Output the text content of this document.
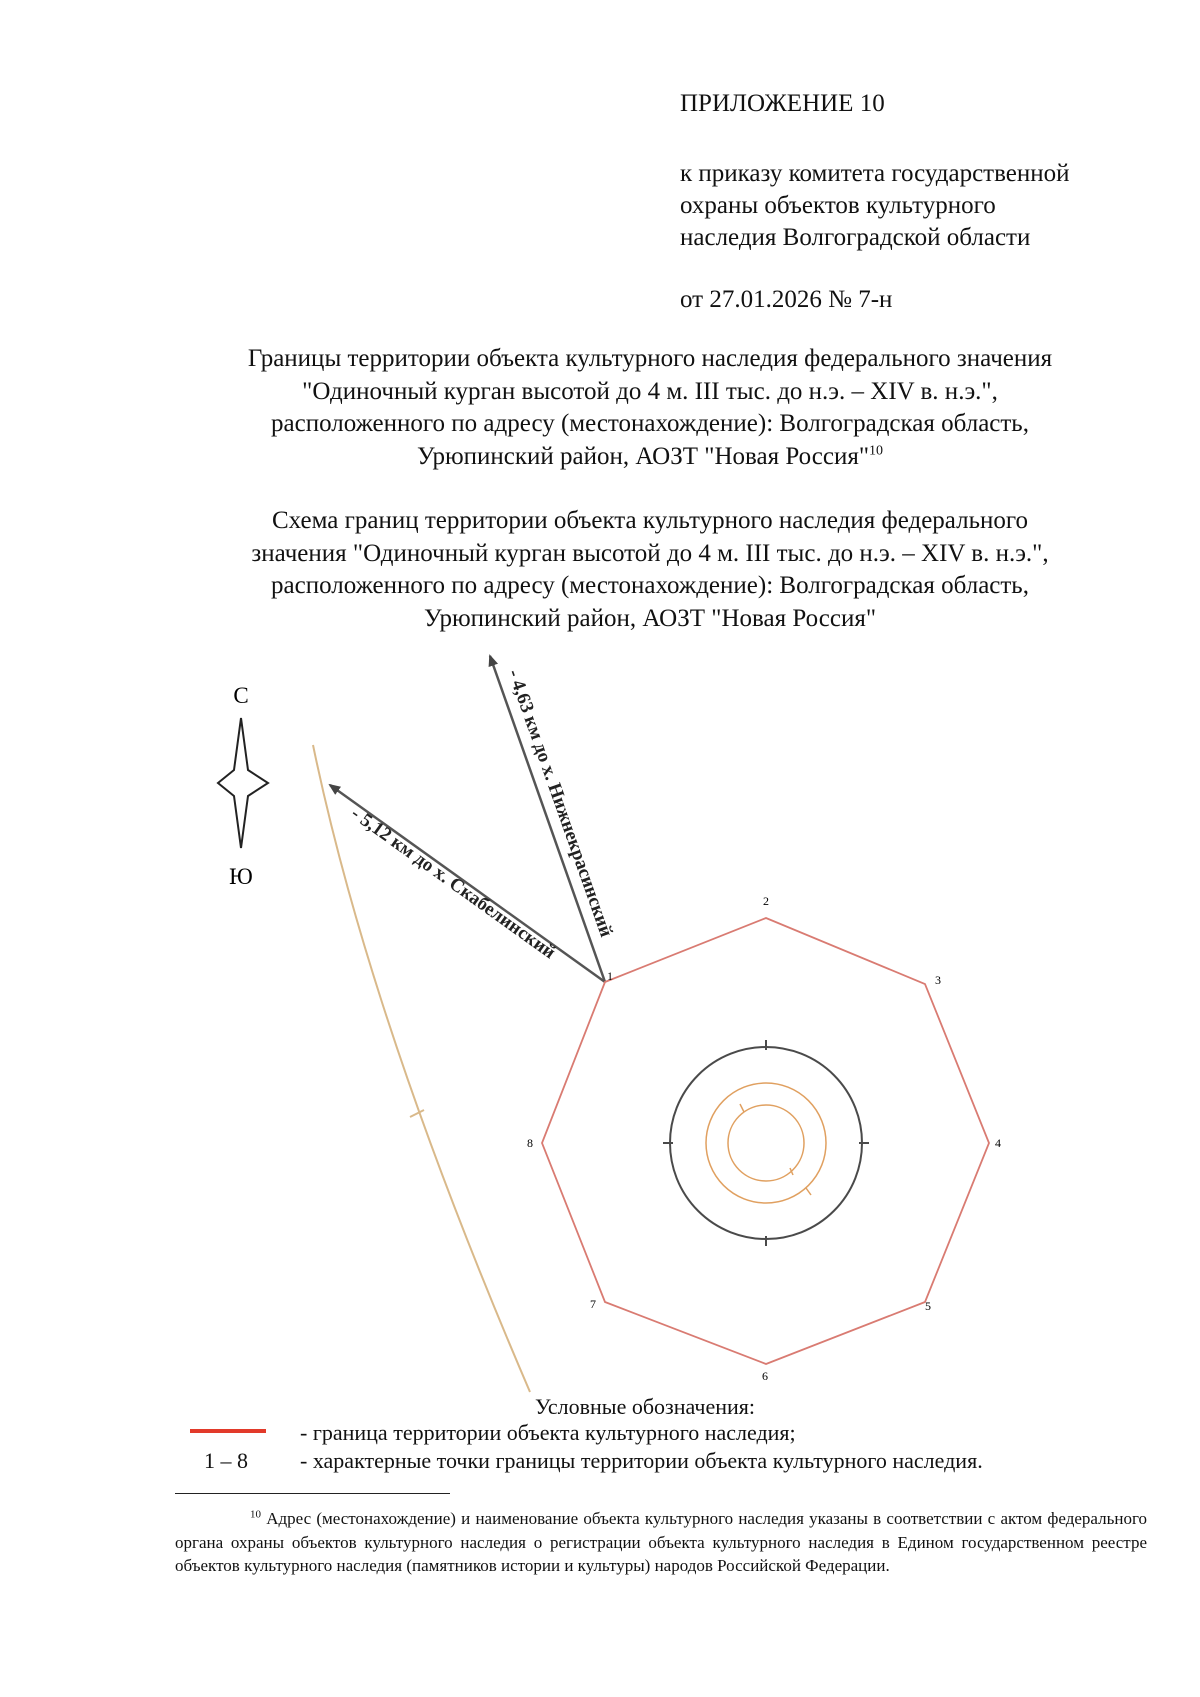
ПРИЛОЖЕНИЕ 10
к приказу комитета государственной
охраны объектов культурного
наследия Волгоградской области
от 27.01.2026 № 7-н

Границы территории объекта культурного наследия федерального значения

"Одиночный курган высотой до 4 м. III тыс. до н.э. – XIV в. н.э.",

расположенного по адресу (местонахождение): Волгоградская область,

Урюпинский район, АОЗТ "Новая Россия"$^{10}$

Схема границ территории объекта культурного наследия федерального

значения "Одиночный курган высотой до 4 м. III тыс. до н.э. – XIV в. н.э.",

расположенного по адресу (местонахождение): Волгоградская область,

Урюпинский район, АОЗТ "Новая Россия"

С
Ю	- 4,63 км до х. Нижнекрасинский
- 5,12 км до х. Скабелинский
1
2
3
4
5
6
7
8
Условные обозначения:
- граница территории объекта культурного наследия;
1 – 8 - характерные точки границы территории объекта культурного наследия.
$^{10}$ Адрес (местонахождение) и наименование объекта культурного наследия указаны в соответствии с актом федерального органа охраны объектов культурного наследия о регистрации объекта культурного наследия в Едином государственном реестре объектов культурного наследия (памятников истории и культуры) народов Российской Федерации.
